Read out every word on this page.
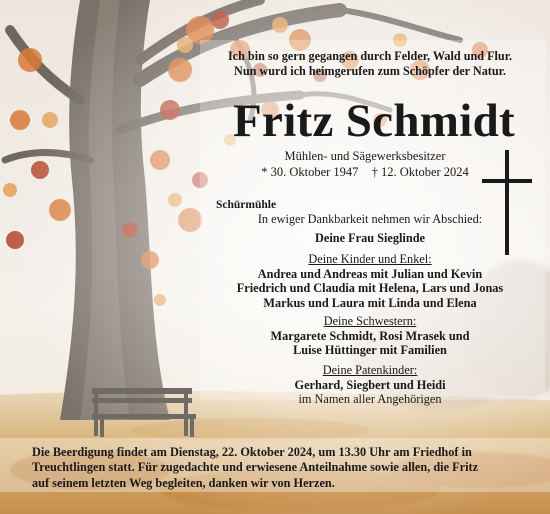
Ich bin so gern gegangen durch Felder, Wald und Flur.
Nun wurd ich heimgerufen zum Schöpfer der Natur.
Fritz Schmidt
Mühlen- und Sägewerksbesitzer
* 30. Oktober 1947 † 12. Oktober 2024
Schürmühle
In ewiger Dankbarkeit nehmen wir Abschied:
Deine Frau Sieglinde
Deine Kinder und Enkel:
Andrea und Andreas mit Julian und Kevin
Friedrich und Claudia mit Helena, Lars und Jonas
Markus und Laura mit Linda und Elena
Deine Schwestern:
Margarete Schmidt, Rosi Mrasek und
Luise Hüttinger mit Familien
Deine Patenkinder:
Gerhard, Siegbert und Heidi
im Namen aller Angehörigen
Die Beerdigung findet am Dienstag, 22. Oktober 2024, um 13.30 Uhr am Friedhof in
Treuchtlingen statt. Für zugedachte und erwiesene Anteilnahme sowie allen, die Fritz
auf seinem letzten Weg begleiten, danken wir von Herzen.
